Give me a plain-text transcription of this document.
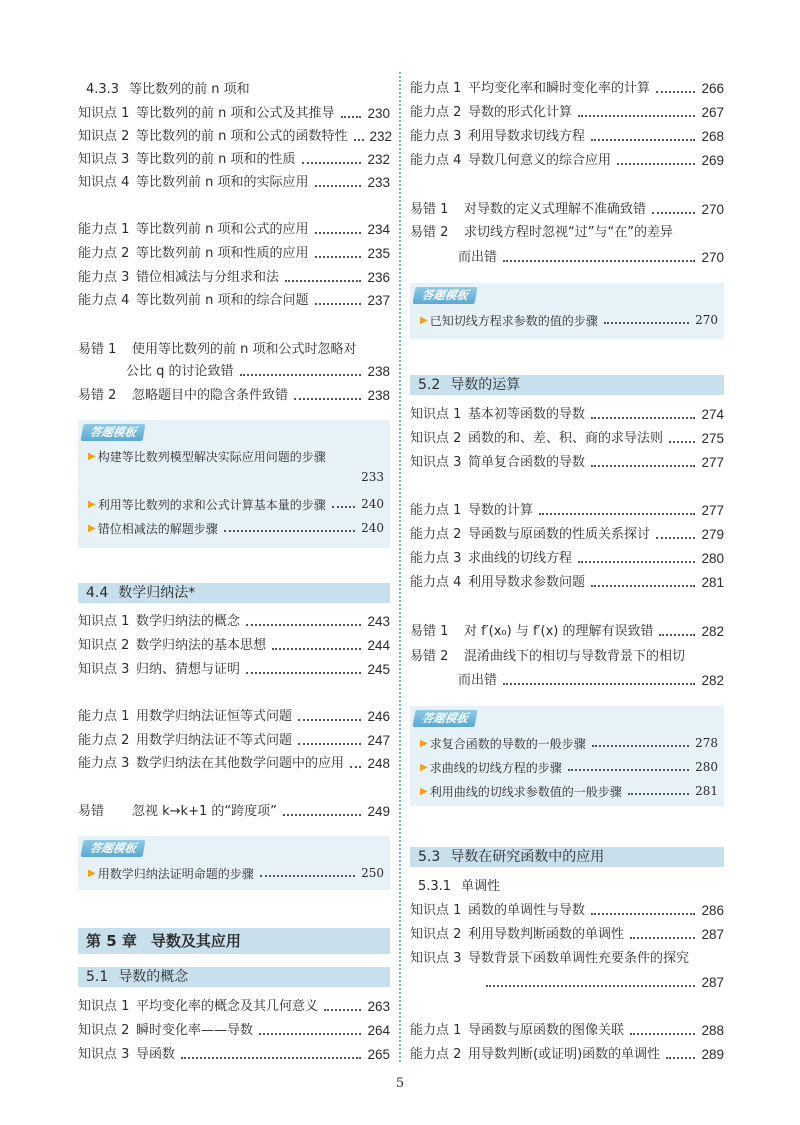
4.3.3 等比数列的前 n 项和
知识点 1 等比数列的前 n 项和公式及其推导 230
知识点 2 等比数列的前 n 项和公式的函数特性 232
知识点 3 等比数列的前 n 项和的性质	232
知识点 4 等比数列前 n 项和的实际应用	233
能力点 1 等比数列前 n 项和公式的应用	234
能力点 2 等比数列前 n 项和性质的应用	235
能力点 3 错位相减法与分组求和法	236
能力点 4 等比数列前 n 项和的综合问题	237
易错 1	使用等比数列的前 n 项和公式时忽略对
公比 q 的讨论致错	238
易错 2	忽略题目中的隐含条件致错	238
答题模板
▶ 构建等比数列模型解决实际应用问题的步骤
233
▶ 利用等比数列的求和公式计算基本量的步骤	240
▶ 错位相减法的解题步骤	240
4.4 数学归纳法*
知识点 1 数学归纳法的概念	243
知识点 2 数学归纳法的基本思想	244
知识点 3 归纳、猜想与证明	245
能力点 1 用数学归纳法证恒等式问题	246
能力点 2 用数学归纳法证不等式问题	247
能力点 3 数学归纳法在其他数学问题中的应用 248
易错	忽视 k→k+1 的“跨度项”	249
答题模板
▶ 用数学归纳法证明命题的步骤	250
第 5 章 导数及其应用
5.1 导数的概念
知识点 1 平均变化率的概念及其几何意义	263
知识点 2 瞬时变化率——导数	264
知识点 3 导函数	265
能力点 1 平均变化率和瞬时变化率的计算	266
能力点 2 导数的形式化计算	267
能力点 3 利用导数求切线方程	268
能力点 4 导数几何意义的综合应用	269
易错 1	对导数的定义式理解不准确致错	270
易错 2	求切线方程时忽视“过”与“在”的差异
而出错	270
答题模板
▶ 已知切线方程求参数的值的步骤	270
5.2 导数的运算
知识点 1 基本初等函数的导数	274
知识点 2 函数的和、差、积、商的求导法则	275
知识点 3 简单复合函数的导数	277
能力点 1 导数的计算	277
能力点 2 导函数与原函数的性质关系探讨	279
能力点 3 求曲线的切线方程	280
能力点 4 利用导数求参数问题	281
易错 1	对 f′(x₀) 与 f′(x) 的理解有误致错	282
易错 2	混淆曲线下的相切与导数背景下的相切
而出错	282
答题模板
▶ 求复合函数的导数的一般步骤	278
▶ 求曲线的切线方程的步骤	280
▶ 利用曲线的切线求参数值的一般步骤	281
5.3 导数在研究函数中的应用
5.3.1 单调性
知识点 1 函数的单调性与导数	286
知识点 2 利用导数判断函数的单调性	287
知识点 3 导数背景下函数单调性充要条件的探究
287
能力点 1 导函数与原函数的图像关联	288
能力点 2 用导数判断(或证明)函数的单调性	289
5
